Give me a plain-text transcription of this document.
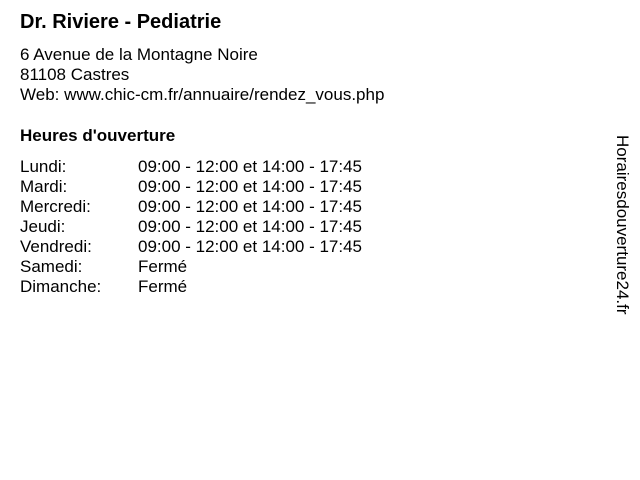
Dr. Riviere - Pediatrie
6 Avenue de la Montagne Noire
81108 Castres
Web: www.chic-cm.fr/annuaire/rendez_vous.php
Heures d'ouverture
Lundi:	09:00 - 12:00 et 14:00 - 17:45
Mardi:	09:00 - 12:00 et 14:00 - 17:45
Mercredi:	09:00 - 12:00 et 14:00 - 17:45
Jeudi:	09:00 - 12:00 et 14:00 - 17:45
Vendredi:	09:00 - 12:00 et 14:00 - 17:45
Samedi:	Fermé
Dimanche:	Fermé	Horairesdouverture24.fr
